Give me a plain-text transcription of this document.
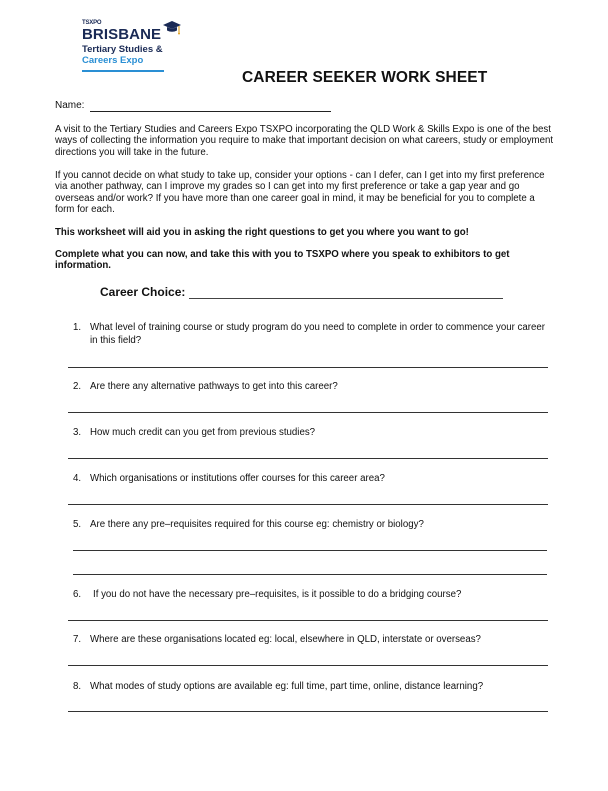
TSXPO
BRISBANE
Tertiary Studies &
Careers Expo
CAREER SEEKER WORK SHEET
Name:

A visit to the Tertiary Studies and Careers Expo TSXPO incorporating the QLD Work & Skills Expo is one of the best ways of collecting the information you require to make that important decision on what careers, study or employment directions you will take in the future.

If you cannot decide on what study to take up, consider your options - can I defer, can I get into my first preference via another pathway, can I improve my grades so I can get into my first preference or take a gap year and go overseas and/or work? If you have more than one career goal in mind, it may be beneficial for you to complete a form for each.

This worksheet will aid you in asking the right questions to get you where you want to go!

Complete what you can now, and take this with you to TSXPO where you speak to exhibitors to get information.

Career Choice:
1. What level of training course or study program do you need to complete in order to commence your career in this field?
2. Are there any alternative pathways to get into this career?
3. How much credit can you get from previous studies?
4. Which organisations or institutions offer courses for this career area?
5. Are there any pre–requisites required for this course eg: chemistry or biology?
6. If you do not have the necessary pre–requisites, is it possible to do a bridging course?
7. Where are these organisations located eg: local, elsewhere in QLD, interstate or overseas?
8. What modes of study options are available eg: full time, part time, online, distance learning?
